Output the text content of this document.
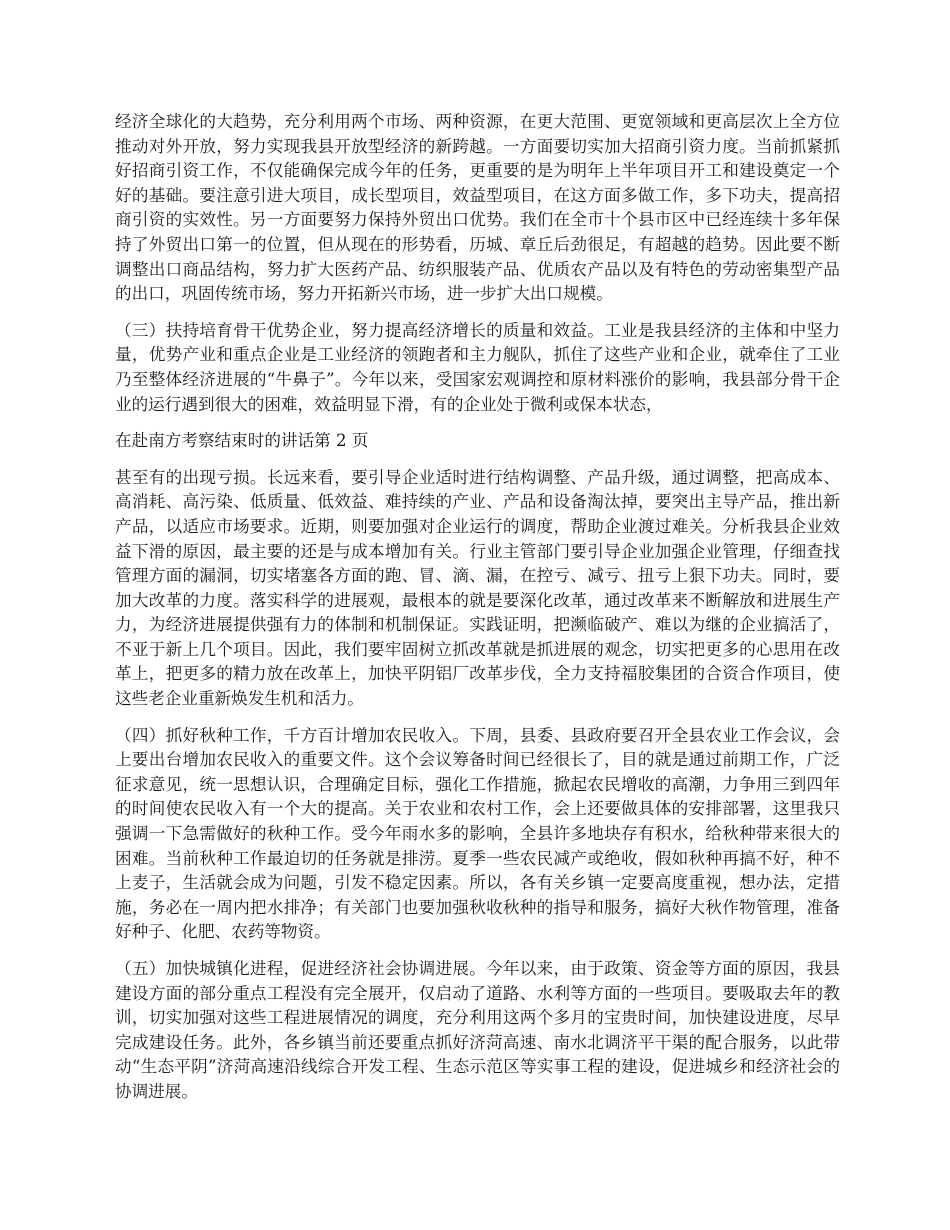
经济全球化的大趋势，充分利用两个市场、两种资源，在更大范围、更宽领域和更高层次上全方位推动对外开放，努力实现我县开放型经济的新跨越。一方面要切实加大招商引资力度。当前抓紧抓好招商引资工作，不仅能确保完成今年的任务，更重要的是为明年上半年项目开工和建设奠定一个好的基础。要注意引进大项目，成长型项目，效益型项目，在这方面多做工作，多下功夫，提高招商引资的实效性。另一方面要努力保持外贸出口优势。我们在全市十个县市区中已经连续十多年保持了外贸出口第一的位置，但从现在的形势看，历城、章丘后劲很足，有超越的趋势。因此要不断调整出口商品结构，努力扩大医药产品、纺织服装产品、优质农产品以及有特色的劳动密集型产品的出口，巩固传统市场，努力开拓新兴市场，进一步扩大出口规模。

（三）扶持培育骨干优势企业，努力提高经济增长的质量和效益。工业是我县经济的主体和中坚力量，优势产业和重点企业是工业经济的领跑者和主力舰队，抓住了这些产业和企业，就牵住了工业乃至整体经济进展的“牛鼻子”。今年以来，受国家宏观调控和原材料涨价的影响，我县部分骨干企业的运行遇到很大的困难，效益明显下滑，有的企业处于微利或保本状态，

在赴南方考察结束时的讲话第 2 页

甚至有的出现亏损。长远来看，要引导企业适时进行结构调整、产品升级，通过调整，把高成本、高消耗、高污染、低质量、低效益、难持续的产业、产品和设备淘汰掉，要突出主导产品，推出新产品，以适应市场要求。近期，则要加强对企业运行的调度，帮助企业渡过难关。分析我县企业效益下滑的原因，最主要的还是与成本增加有关。行业主管部门要引导企业加强企业管理，仔细查找管理方面的漏洞，切实堵塞各方面的跑、冒、滴、漏，在控亏、减亏、扭亏上狠下功夫。同时，要加大改革的力度。落实科学的进展观，最根本的就是要深化改革，通过改革来不断解放和进展生产力，为经济进展提供强有力的体制和机制保证。实践证明，把濒临破产、难以为继的企业搞活了，不亚于新上几个项目。因此，我们要牢固树立抓改革就是抓进展的观念，切实把更多的心思用在改革上，把更多的精力放在改革上，加快平阴铝厂改革步伐，全力支持福胶集团的合资合作项目，使这些老企业重新焕发生机和活力。

（四）抓好秋种工作，千方百计增加农民收入。下周，县委、县政府要召开全县农业工作会议，会上要出台增加农民收入的重要文件。这个会议筹备时间已经很长了，目的就是通过前期工作，广泛征求意见，统一思想认识，合理确定目标，强化工作措施，掀起农民增收的高潮，力争用三到四年的时间使农民收入有一个大的提高。关于农业和农村工作，会上还要做具体的安排部署，这里我只强调一下急需做好的秋种工作。受今年雨水多的影响，全县许多地块存有积水，给秋种带来很大的困难。当前秋种工作最迫切的任务就是排涝。夏季一些农民减产或绝收，假如秋种再搞不好，种不上麦子，生活就会成为问题，引发不稳定因素。所以，各有关乡镇一定要高度重视，想办法，定措施，务必在一周内把水排净；有关部门也要加强秋收秋种的指导和服务，搞好大秋作物管理，准备好种子、化肥、农药等物资。

（五）加快城镇化进程，促进经济社会协调进展。今年以来，由于政策、资金等方面的原因，我县建设方面的部分重点工程没有完全展开，仅启动了道路、水利等方面的一些项目。要吸取去年的教训，切实加强对这些工程进展情况的调度，充分利用这两个多月的宝贵时间，加快建设进度，尽早完成建设任务。此外，各乡镇当前还要重点抓好济菏高速、南水北调济平干渠的配合服务，以此带动“生态平阴”济菏高速沿线综合开发工程、生态示范区等实事工程的建设，促进城乡和经济社会的协调进展。
